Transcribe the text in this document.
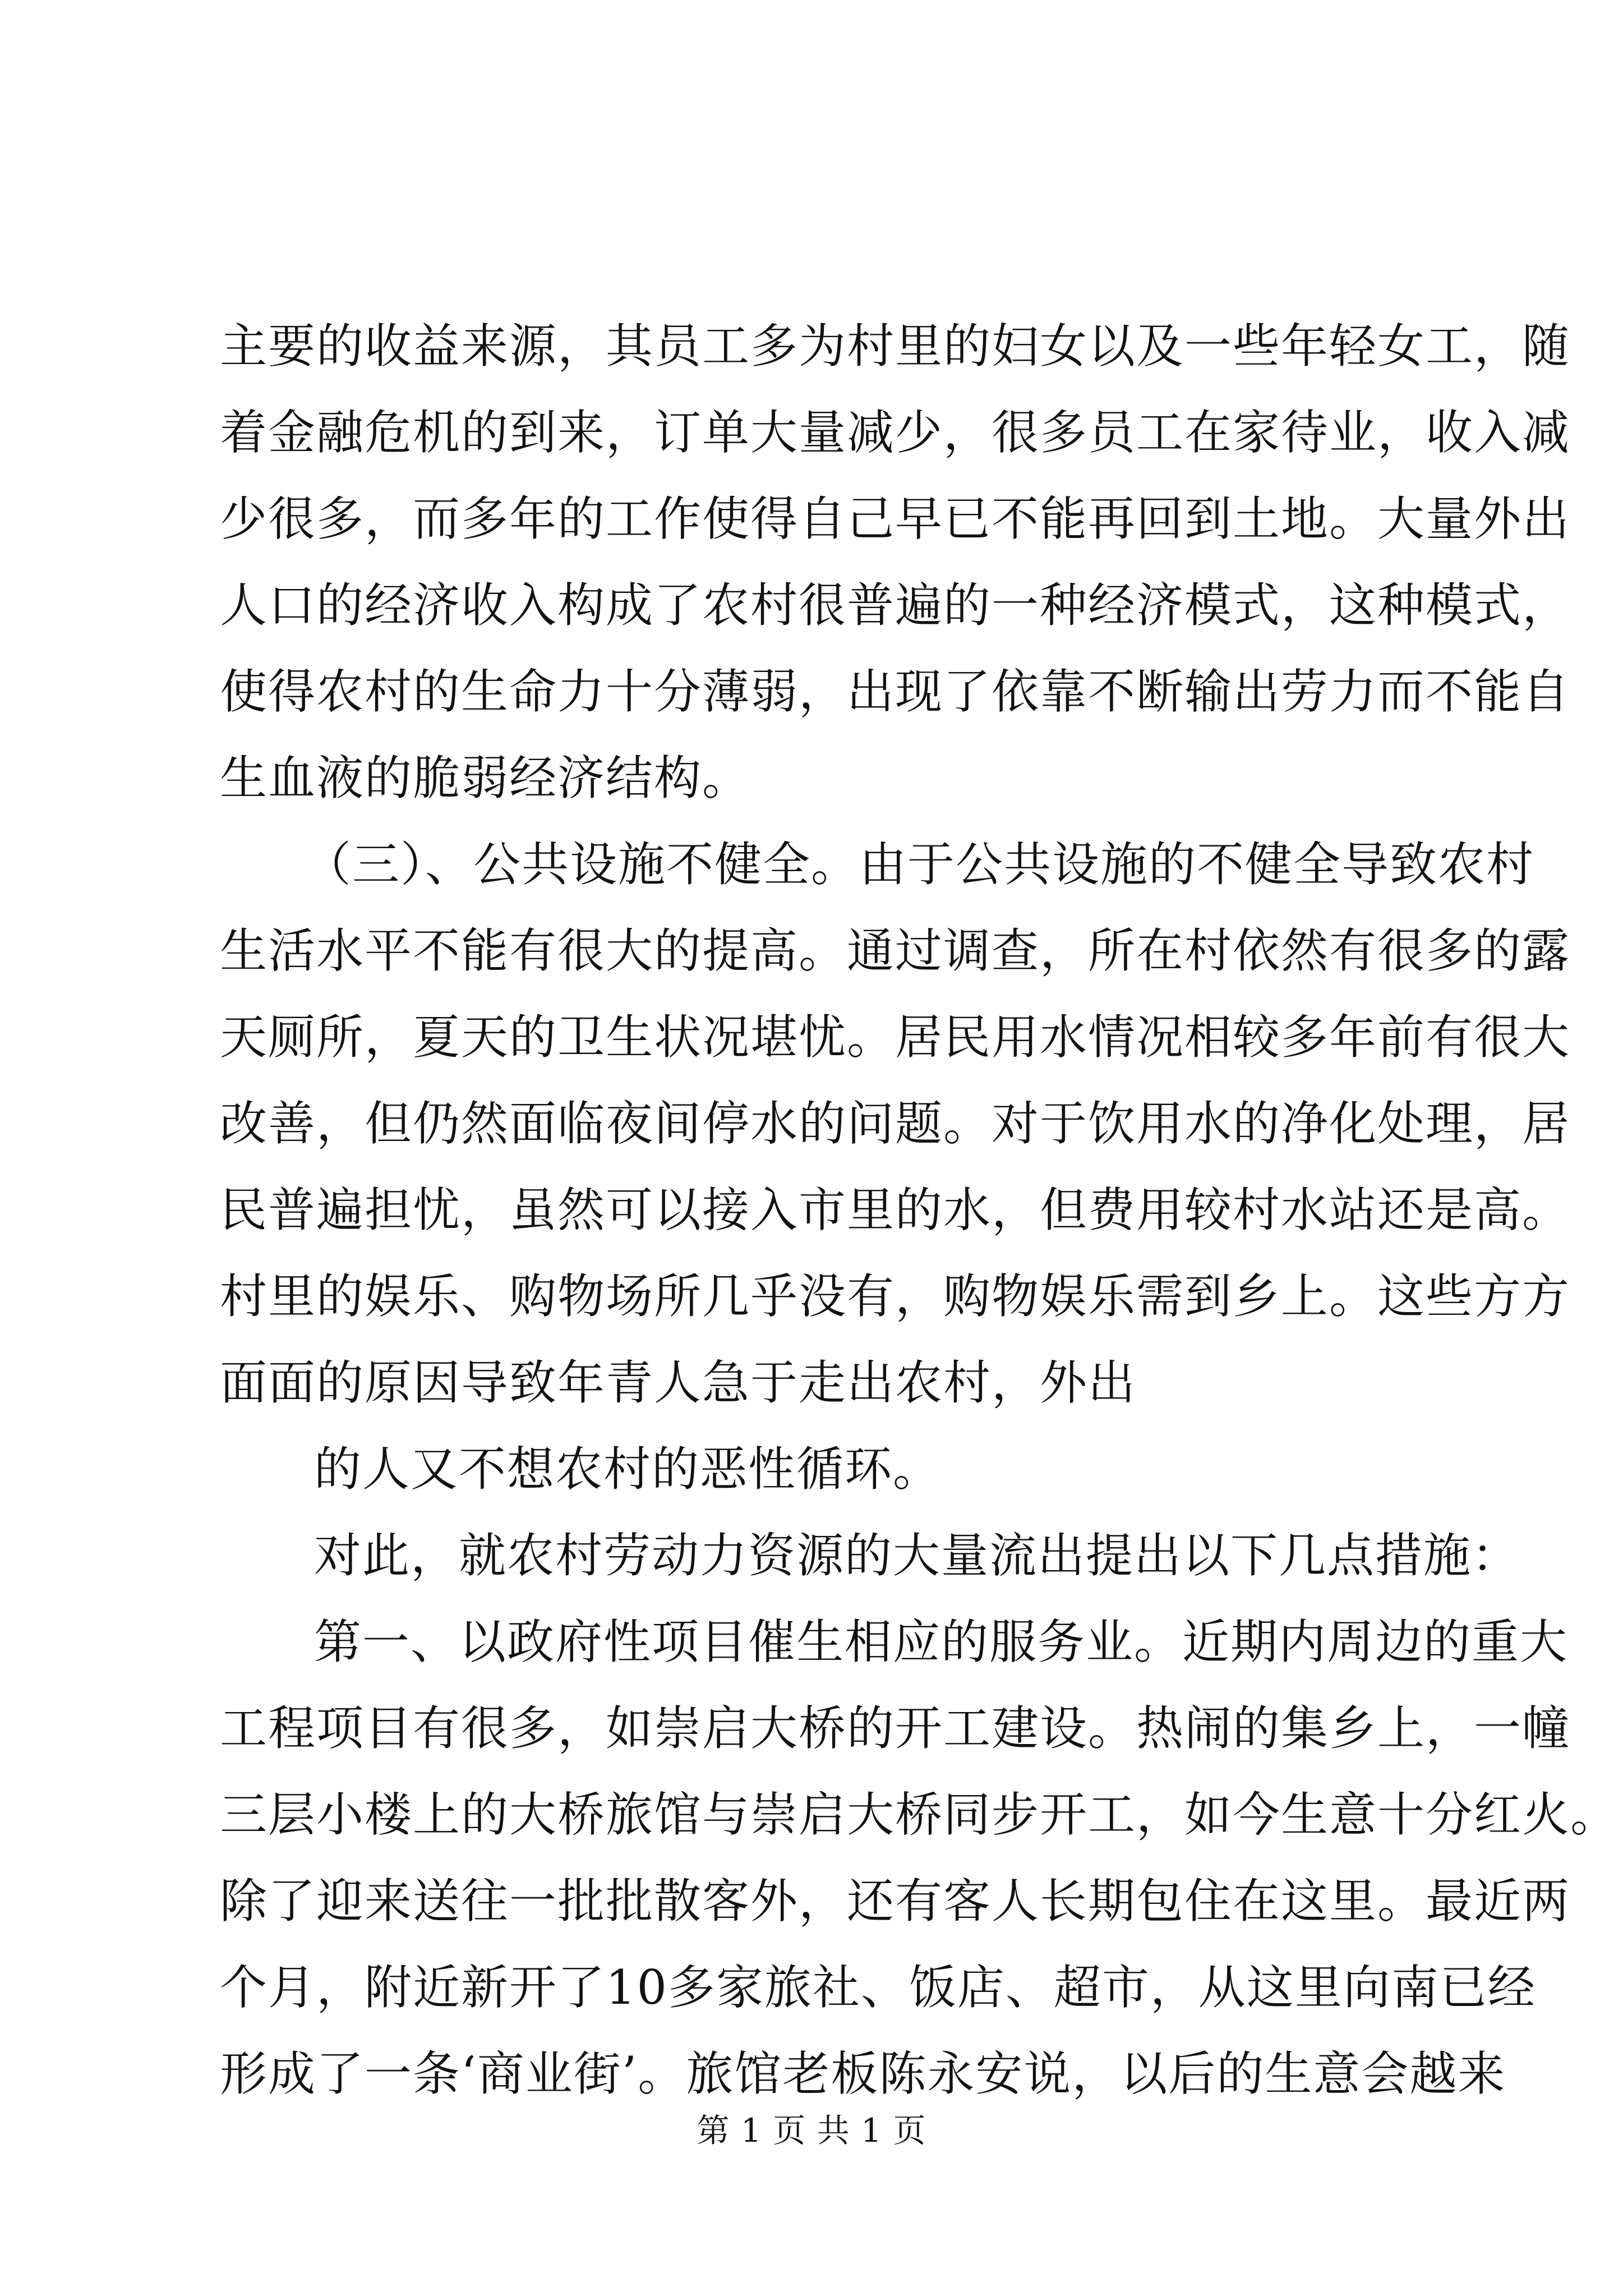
主要的收益来源，其员工多为村里的妇女以及一些年轻女工，随
着金融危机的到来，订单大量减少，很多员工在家待业，收入减
少很多，而多年的工作使得自己早已不能再回到土地。大量外出
人口的经济收入构成了农村很普遍的一种经济模式，这种模式，
使得农村的生命力十分薄弱，出现了依靠不断输出劳力而不能自
生血液的脆弱经济结构。
（三）、公共设施不健全。由于公共设施的不健全导致农村
生活水平不能有很大的提高。通过调查，所在村依然有很多的露
天厕所，夏天的卫生状况堪忧。居民用水情况相较多年前有很大
改善，但仍然面临夜间停水的问题。对于饮用水的净化处理，居
民普遍担忧，虽然可以接入市里的水，但费用较村水站还是高。
村里的娱乐、购物场所几乎没有，购物娱乐需到乡上。这些方方
面面的原因导致年青人急于走出农村，外出
的人又不想农村的恶性循环。
对此，就农村劳动力资源的大量流出提出以下几点措施：
第一、以政府性项目催生相应的服务业。近期内周边的重大
工程项目有很多，如崇启大桥的开工建设。热闹的集乡上，一幢
三层小楼上的大桥旅馆与崇启大桥同步开工，如今生意十分红火。
除了迎来送往一批批散客外，还有客人长期包住在这里。最近两
个月，附近新开了10多家旅社、饭店、超市，从这里向南已经
形成了一条‘商业街’。旅馆老板陈永安说，以后的生意会越来
第 1 页 共 1 页
